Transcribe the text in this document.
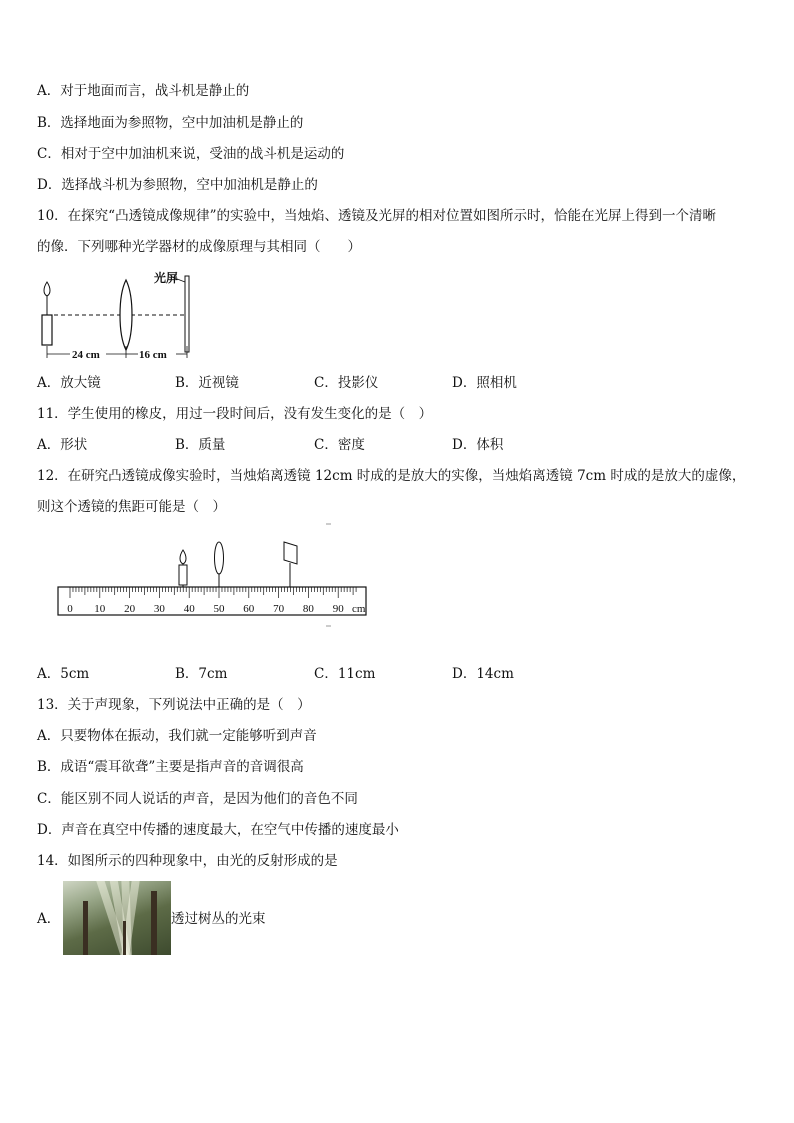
A．对于地面而言，战斗机是静止的
B．选择地面为参照物，空中加油机是静止的
C．相对于空中加油机来说，受油的战斗机是运动的
D．选择战斗机为参照物，空中加油机是静止的
10．在探究“凸透镜成像规律”的实验中，当烛焰、透镜及光屏的相对位置如图所示时，恰能在光屏上得到一个清晰
的像．下列哪种光学器材的成像原理与其相同（　　）
光屏
24 cm	16 cm
A．放大镜	B．近视镜	C．投影仪	D．照相机
11．学生使用的橡皮，用过一段时间后，没有发生变化的是（　）
A．形状	B．质量	C．密度	D．体积
12．在研究凸透镜成像实验时，当烛焰离透镜 12cm 时成的是放大的实像，当烛焰离透镜 7cm 时成的是放大的虚像，
则这个透镜的焦距可能是（　）
0 10 20 30 40 50 60 70 80 90 cm
A．5cm	B．7cm	C．11cm	D．14cm
13．关于声现象，下列说法中正确的是（　）
A．只要物体在振动，我们就一定能够听到声音
B．成语“震耳欲聋”主要是指声音的音调很高
C．能区别不同人说话的声音，是因为他们的音色不同
D．声音在真空中传播的速度最大，在空气中传播的速度最小
14．如图所示的四种现象中，由光的反射形成的是
A．	透过树丛的光束
